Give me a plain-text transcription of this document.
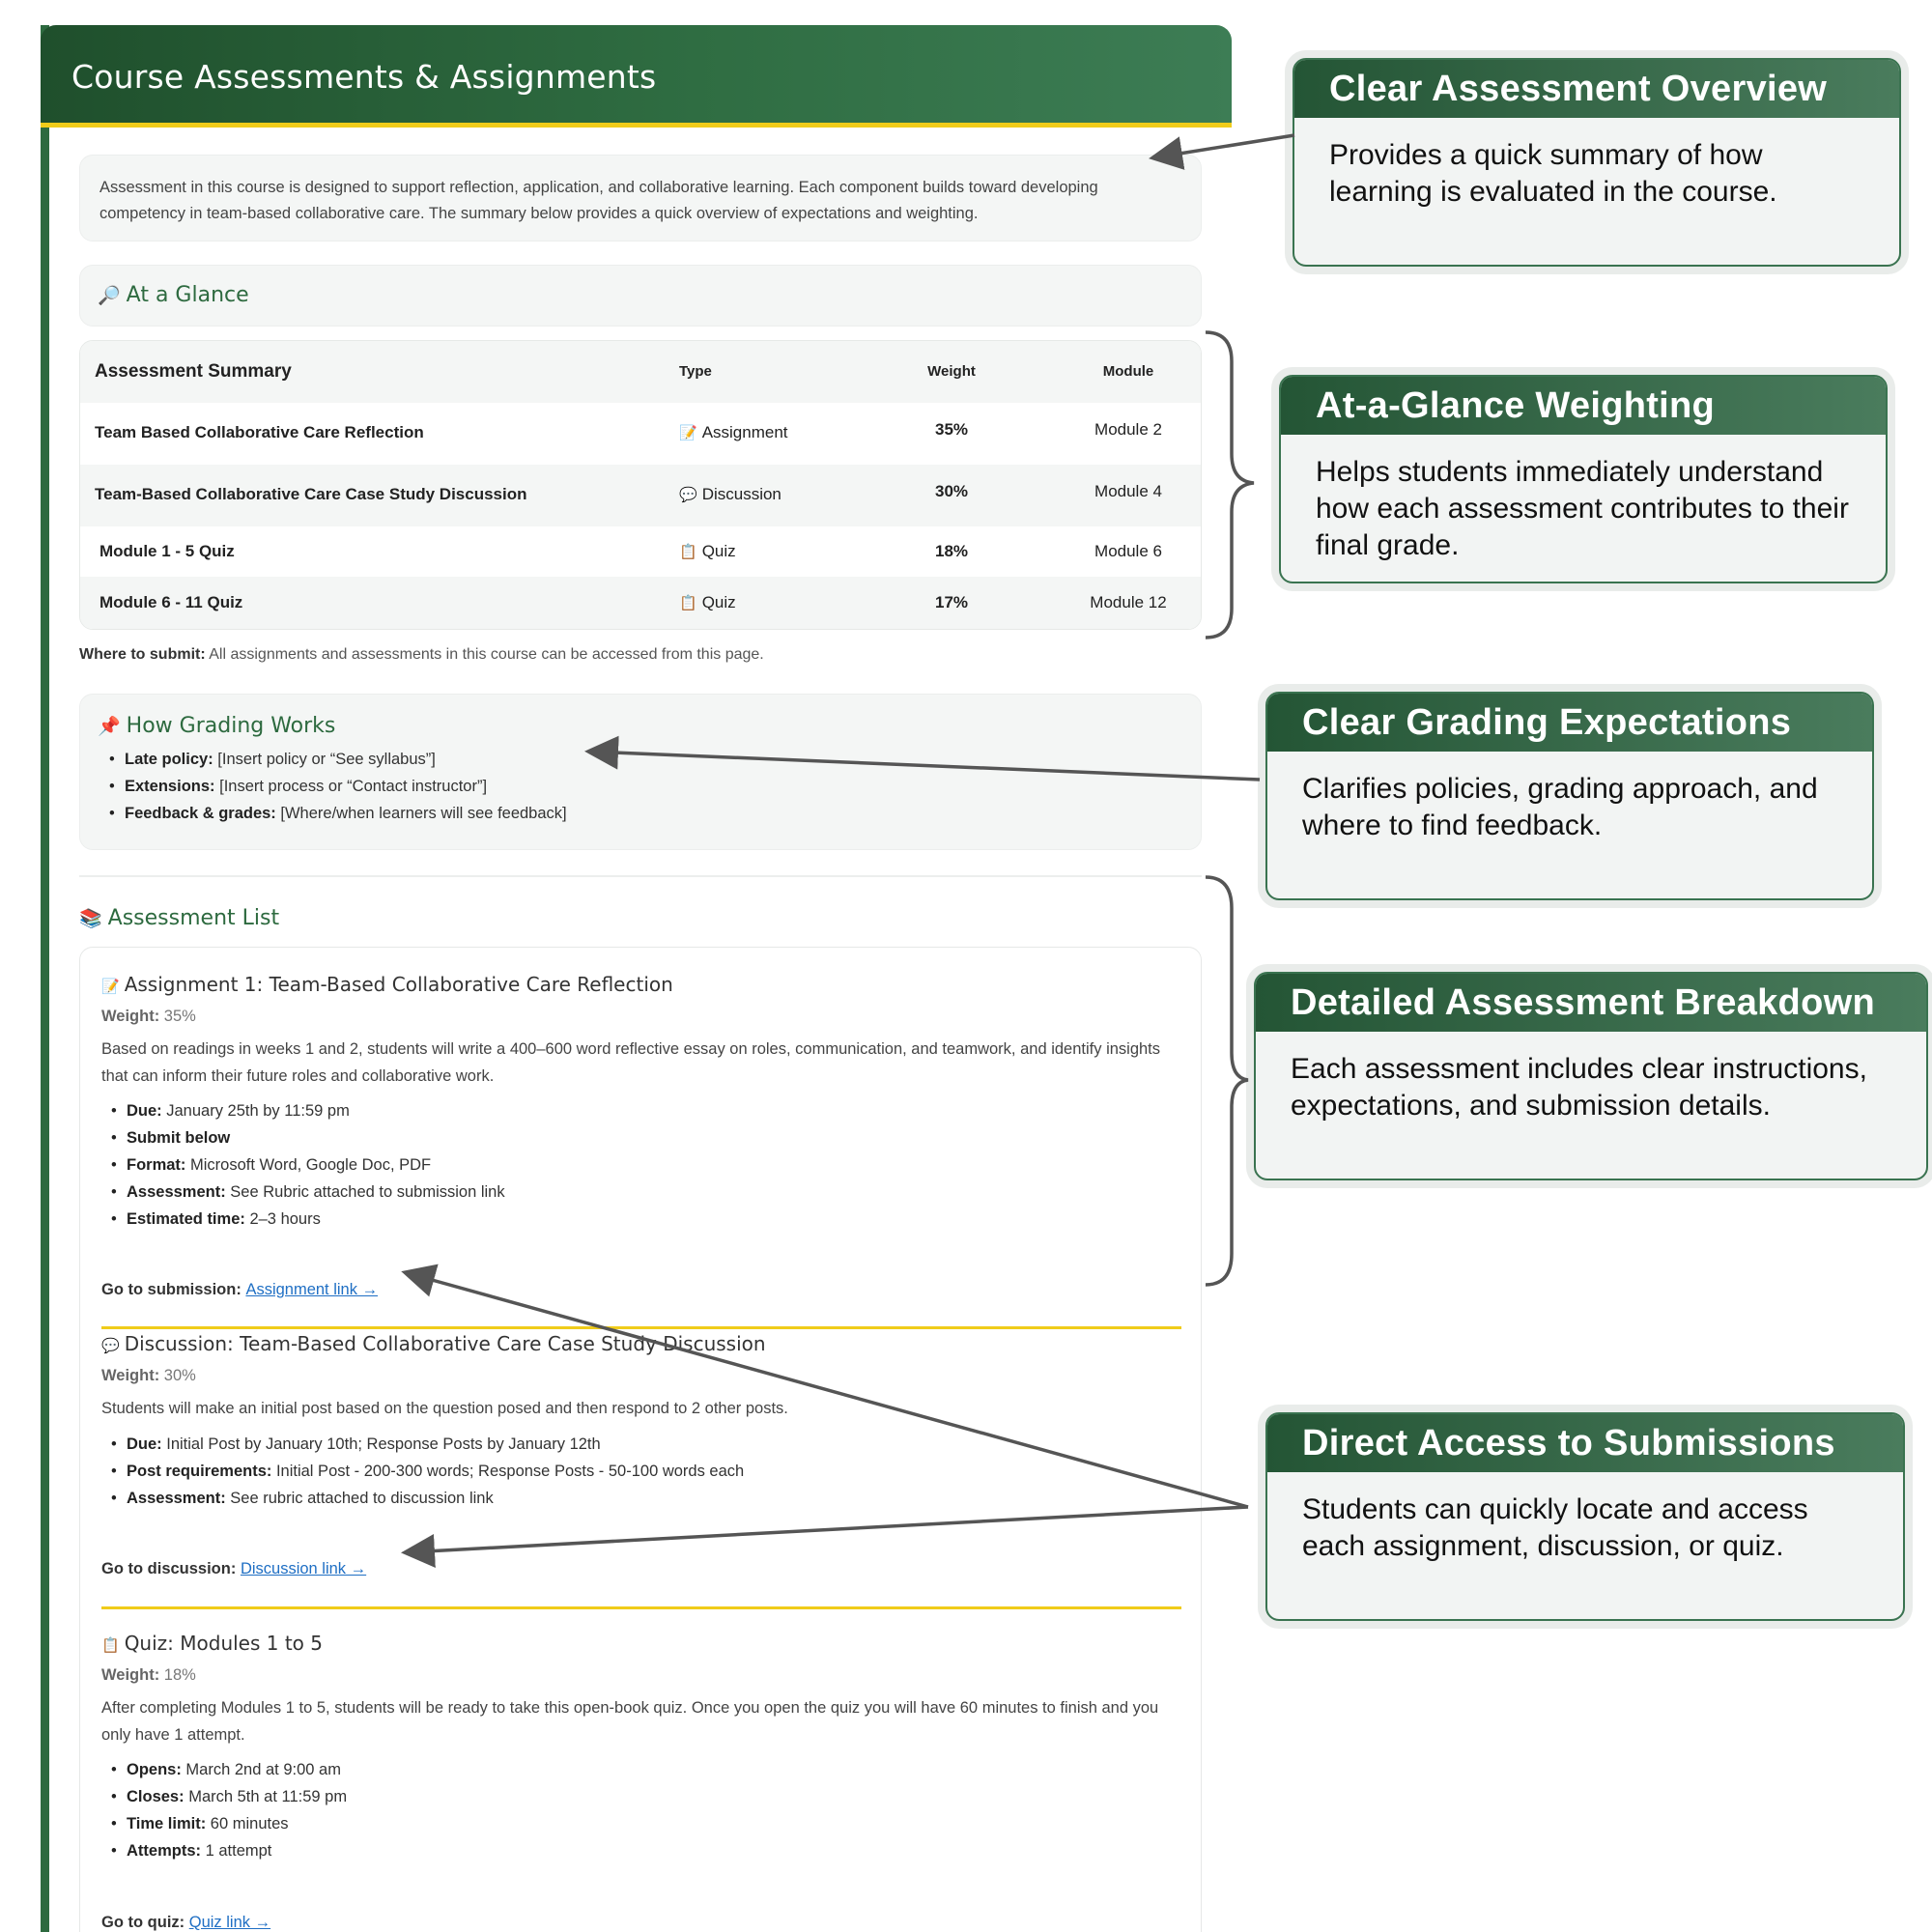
Course Assessments & Assignments
Assessment in this course is designed to support reflection, application, and collaborative learning. Each component builds toward developing competency in team-based collaborative care. The summary below provides a quick overview of expectations and weighting.
🔎 At a Glance
Assessment Summary	Type	Weight	Module
Team Based Collaborative Care Reflection	📝 Assignment	35%	Module 2
Team-Based Collaborative Care Case Study Discussion	💬 Discussion	30%	Module 4
Module 1 - 5 Quiz	📋 Quiz	18%	Module 6
Module 6 - 11 Quiz	📋 Quiz	17%	Module 12
Where to submit: All assignments and assessments in this course can be accessed from this page.
📌 How Grading Works
• Late policy: [Insert policy or “See syllabus”]
• Extensions: [Insert process or “Contact instructor”]
• Feedback & grades: [Where/when learners will see feedback]
📚 Assessment List
📝 Assignment 1: Team-Based Collaborative Care Reflection
Weight: 35%
Based on readings in weeks 1 and 2, students will write a 400–600 word reflective essay on roles, communication, and teamwork, and identify insights that can inform their future roles and collaborative work.
• Due: January 25th by 11:59 pm
• Submit below
• Format: Microsoft Word, Google Doc, PDF
• Assessment: See Rubric attached to submission link
• Estimated time: 2–3 hours
Go to submission: Assignment link →
💬 Discussion: Team-Based Collaborative Care Case Study Discussion
Weight: 30%
Students will make an initial post based on the question posed and then respond to 2 other posts.
• Due: Initial Post by January 10th; Response Posts by January 12th
• Post requirements: Initial Post - 200-300 words; Response Posts - 50-100 words each
• Assessment: See rubric attached to discussion link
Go to discussion: Discussion link →
📋 Quiz: Modules 1 to 5
Weight: 18%
After completing Modules 1 to 5, students will be ready to take this open-book quiz. Once you open the quiz you will have 60 minutes to finish and you only have 1 attempt.
• Opens: March 2nd at 9:00 am
• Closes: March 5th at 11:59 pm
• Time limit: 60 minutes
• Attempts: 1 attempt
Go to quiz: Quiz link →
Clear Assessment Overview
Provides a quick summary of how learning is evaluated in the course.
At-a-Glance Weighting
Helps students immediately understand how each assessment contributes to their final grade.
Clear Grading Expectations
Clarifies policies, grading approach, and where to find feedback.
Detailed Assessment Breakdown
Each assessment includes clear instructions, expectations, and submission details.
Direct Access to Submissions
Students can quickly locate and access each assignment, discussion, or quiz.
